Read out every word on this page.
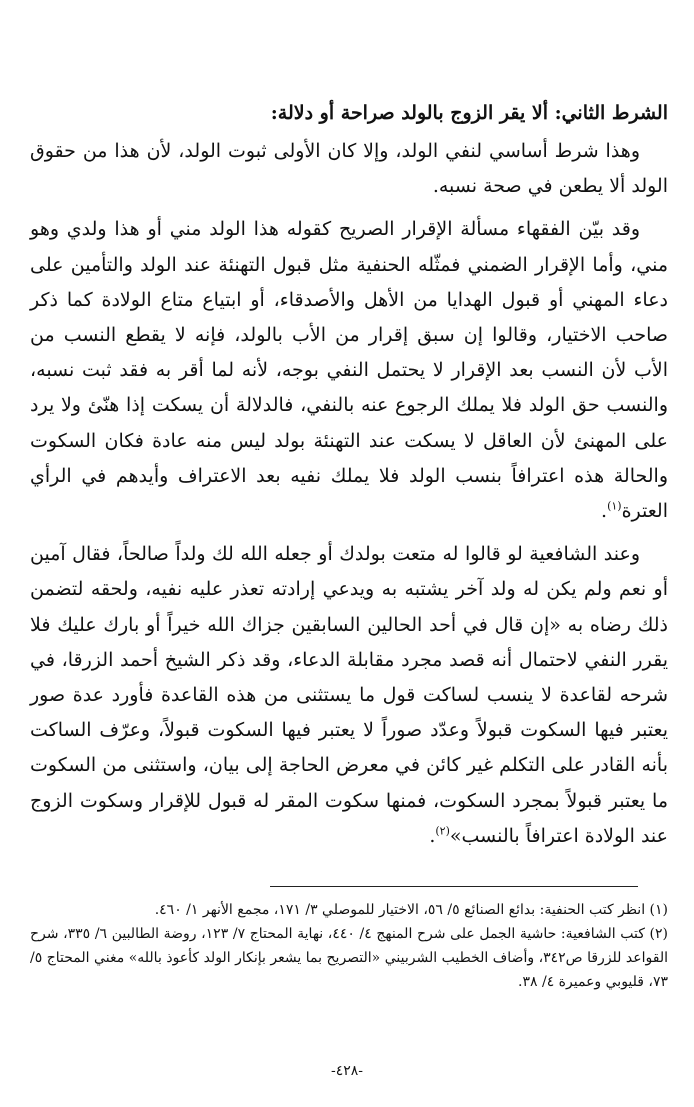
الشرط الثاني: ألا يقر الزوج بالولد صراحة أو دلالة:

وهذا شرط أساسي لنفي الولد، وإلا كان الأولى ثبوت الولد، لأن هذا من حقوق الولد ألا يطعن في صحة نسبه.

وقد بيّن الفقهاء مسألة الإقرار الصريح كقوله هذا الولد مني أو هذا ولدي وهو مني، وأما الإقرار الضمني فمثّله الحنفية مثل قبول التهنئة عند الولد والتأمين على دعاء المهني أو قبول الهدايا من الأهل والأصدقاء، أو ابتياع متاع الولادة كما ذكر صاحب الاختيار، وقالوا إن سبق إقرار من الأب بالولد، فإنه لا يقطع النسب من الأب لأن النسب بعد الإقرار لا يحتمل النفي بوجه، لأنه لما أقر به فقد ثبت نسبه، والنسب حق الولد فلا يملك الرجوع عنه بالنفي، فالدلالة أن يسكت إذا هنّئ ولا يرد على المهنئ لأن العاقل لا يسكت عند التهنئة بولد ليس منه عادة فكان السكوت والحالة هذه اعترافاً بنسب الولد فلا يملك نفيه بعد الاعتراف وأيدهم في الرأي العترة$^{(١)}$.

وعند الشافعية لو قالوا له متعت بولدك أو جعله الله لك ولداً صالحاً، فقال آمين أو نعم ولم يكن له ولد آخر يشتبه به ويدعي إرادته تعذر عليه نفيه، ولحقه لتضمن ذلك رضاه به «إن قال في أحد الحالين السابقين جزاك الله خيراً أو بارك عليك فلا يقرر النفي لاحتمال أنه قصد مجرد مقابلة الدعاء، وقد ذكر الشيخ أحمد الزرقا، في شرحه لقاعدة لا ينسب لساكت قول ما يستثنى من هذه القاعدة فأورد عدة صور يعتبر فيها السكوت قبولاً وعدّد صوراً لا يعتبر فيها السكوت قبولاً، وعرّف الساكت بأنه القادر على التكلم غير كائن في معرض الحاجة إلى بيان، واستثنى من السكوت ما يعتبر قبولاً بمجرد السكوت، فمنها سكوت المقر له قبول للإقرار وسكوت الزوج عند الولادة اعترافاً بالنسب»$^{(٢)}$.

(١) انظر كتب الحنفية: بدائع الصنائع ٥/ ٥٦، الاختيار للموصلي ٣/ ١٧١، مجمع الأنهر ١/ ٤٦٠.

(٢) كتب الشافعية: حاشية الجمل على شرح المنهج ٤/ ٤٤٠، نهاية المحتاج ٧/ ١٢٣، روضة الطالبين ٦/ ٣٣٥، شرح القواعد للزرقا ص٣٤٢، وأضاف الخطيب الشربيني «التصريح بما يشعر بإنكار الولد كأعوذ بالله» مغني المحتاج ٥/ ٧٣، قليوبي وعميرة ٤/ ٣٨.

-٤٢٨-
